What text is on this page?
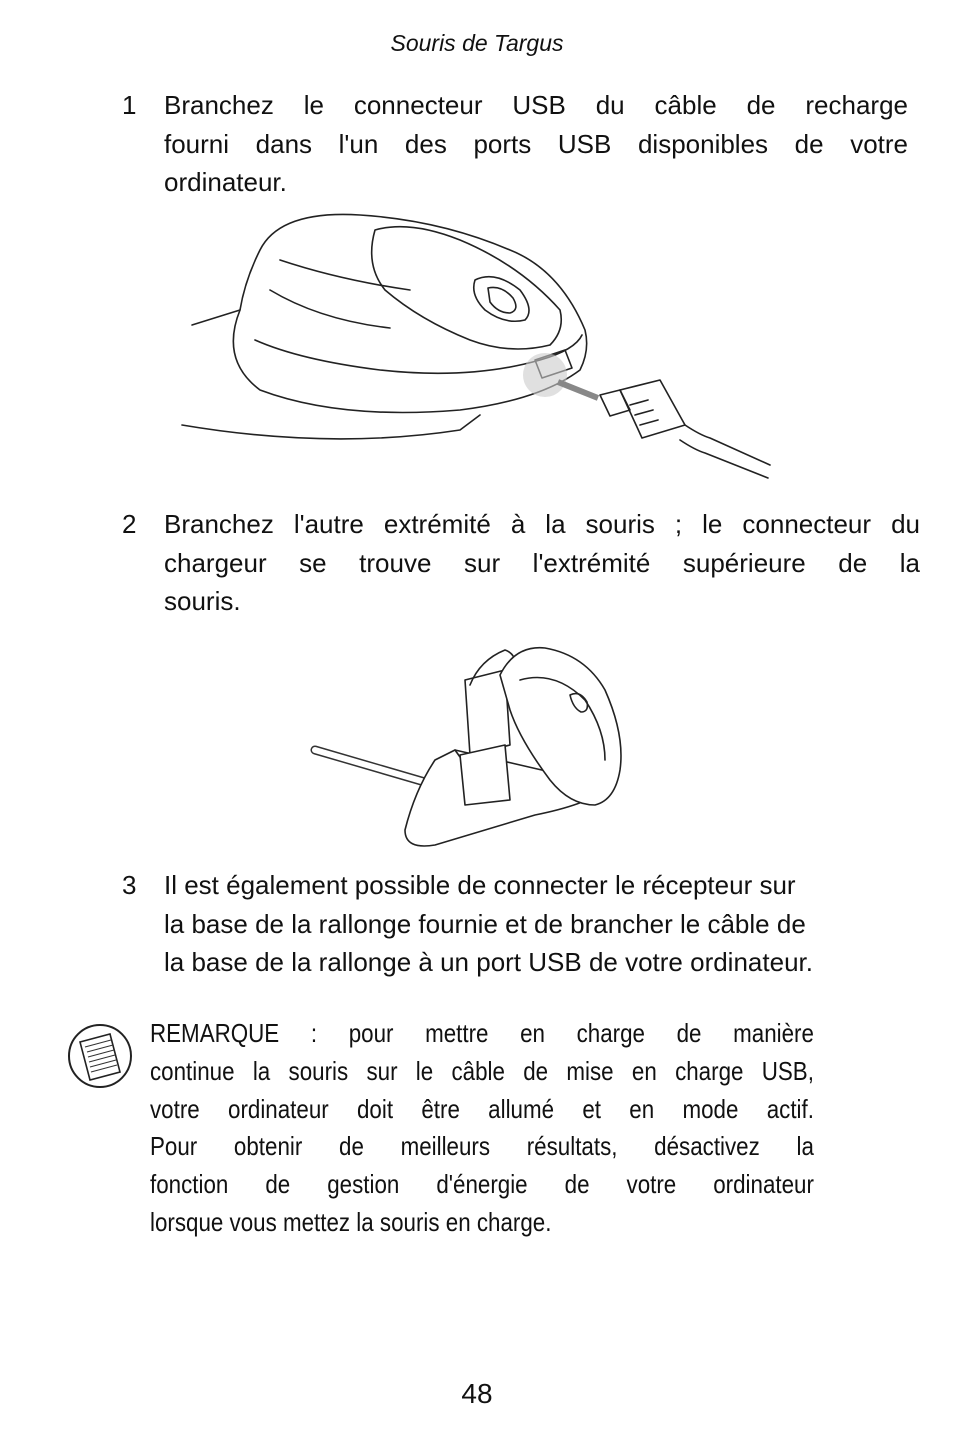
Souris de Targus
1 Branchez le connecteur USB du câble de recharge
fourni dans l'un des ports USB disponibles de votre
ordinateur.
2 Branchez l'autre extrémité à la souris ; le connecteur du
chargeur se trouve sur l'extrémité supérieure de la
souris.
3 Il est également possible de connecter le récepteur sur
la base de la rallonge fournie et de brancher le câble de
la base de la rallonge à un port USB de votre ordinateur.
REMARQUE : pour mettre en charge de manière
continue la souris sur le câble de mise en charge USB,
votre ordinateur doit être allumé et en mode actif.
Pour obtenir de meilleurs résultats, désactivez la
fonction de gestion d'énergie de votre ordinateur
lorsque vous mettez la souris en charge.
48
